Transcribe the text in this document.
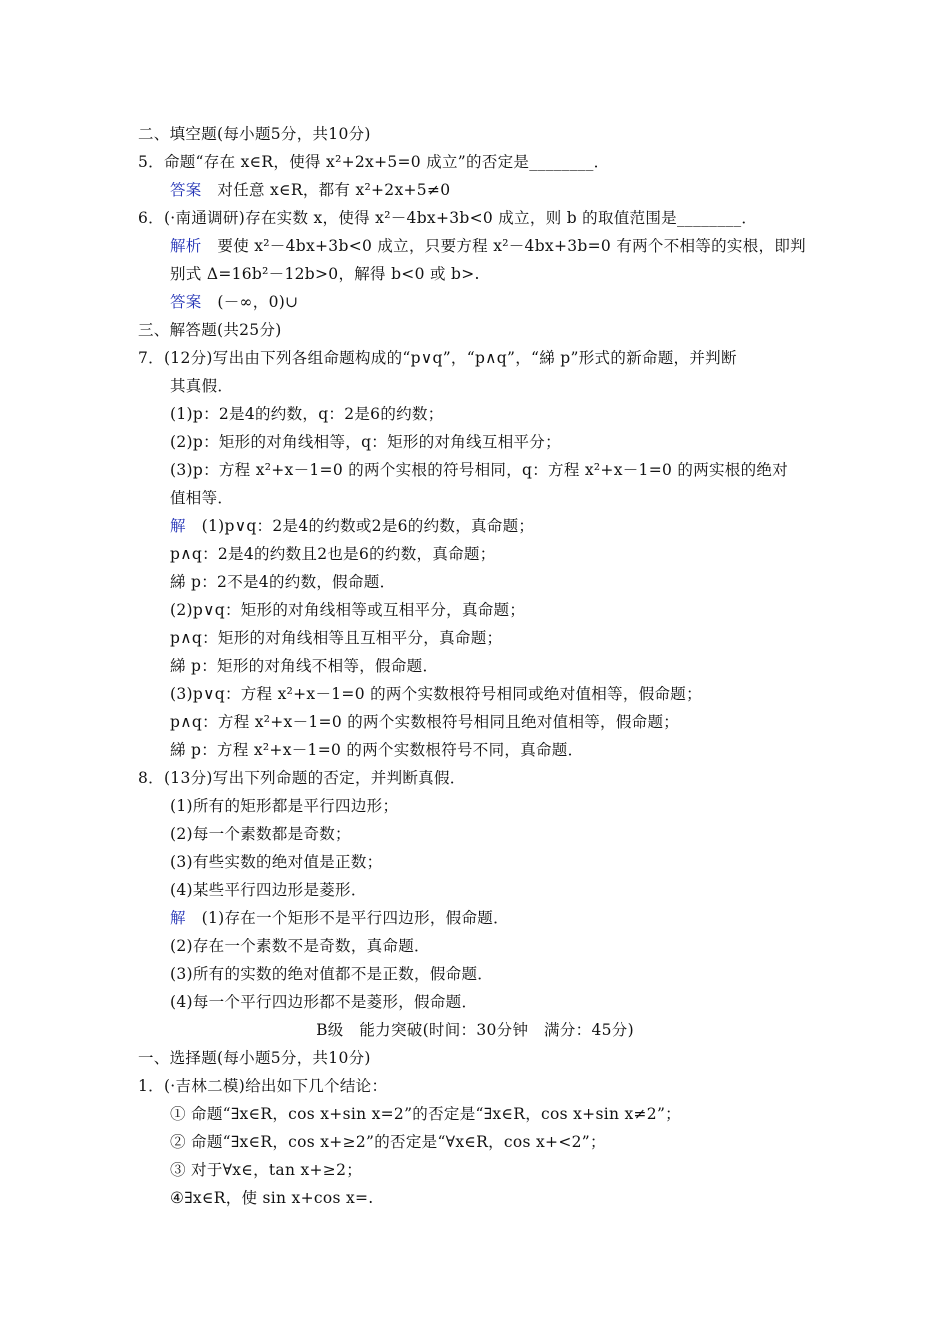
二、填空题(每小题5分，共10分)
5．命题“存在 x∈R，使得 x²+2x+5=0 成立”的否定是________．
答案　对任意 x∈R，都有 x²+2x+5≠0
6．(·南通调研)存在实数 x，使得 x²－4bx+3b<0 成立，则 b 的取值范围是________．
解析　要使 x²－4bx+3b<0 成立，只要方程 x²－4bx+3b=0 有两个不相等的实根，即判
别式 Δ=16b²－12b>0，解得 b<0 或 b>.
答案　(－∞，0)∪
三、解答题(共25分)
7．(12分)写出由下列各组命题构成的“p∨q”，“p∧q”，“綈 p”形式的新命题，并判断
其真假．
(1)p：2是4的约数，q：2是6的约数；
(2)p：矩形的对角线相等，q：矩形的对角线互相平分；
(3)p：方程 x²+x－1=0 的两个实根的符号相同，q：方程 x²+x－1=0 的两实根的绝对
值相等．
解　(1)p∨q：2是4的约数或2是6的约数，真命题；
p∧q：2是4的约数且2也是6的约数，真命题；
綈 p：2不是4的约数，假命题．
(2)p∨q：矩形的对角线相等或互相平分，真命题；
p∧q：矩形的对角线相等且互相平分，真命题；
綈 p：矩形的对角线不相等，假命题．
(3)p∨q：方程 x²+x－1=0 的两个实数根符号相同或绝对值相等，假命题；
p∧q：方程 x²+x－1=0 的两个实数根符号相同且绝对值相等，假命题；
綈 p：方程 x²+x－1=0 的两个实数根符号不同，真命题．
8．(13分)写出下列命题的否定，并判断真假．
(1)所有的矩形都是平行四边形；
(2)每一个素数都是奇数；
(3)有些实数的绝对值是正数；
(4)某些平行四边形是菱形．
解　(1)存在一个矩形不是平行四边形，假命题．
(2)存在一个素数不是奇数，真命题．
(3)所有的实数的绝对值都不是正数，假命题．
(4)每一个平行四边形都不是菱形，假命题．
B级　能力突破(时间：30分钟　满分：45分)
一、选择题(每小题5分，共10分)
1．(·吉林二模)给出如下几个结论：
① 命题“∃x∈R，cos x+sin x=2”的否定是“∃x∈R，cos x+sin x≠2”；
② 命题“∃x∈R，cos x+≥2”的否定是“∀x∈R，cos x+<2”；
③ 对于∀x∈，tan x+≥2；
④∃x∈R，使 sin x+cos x=.
